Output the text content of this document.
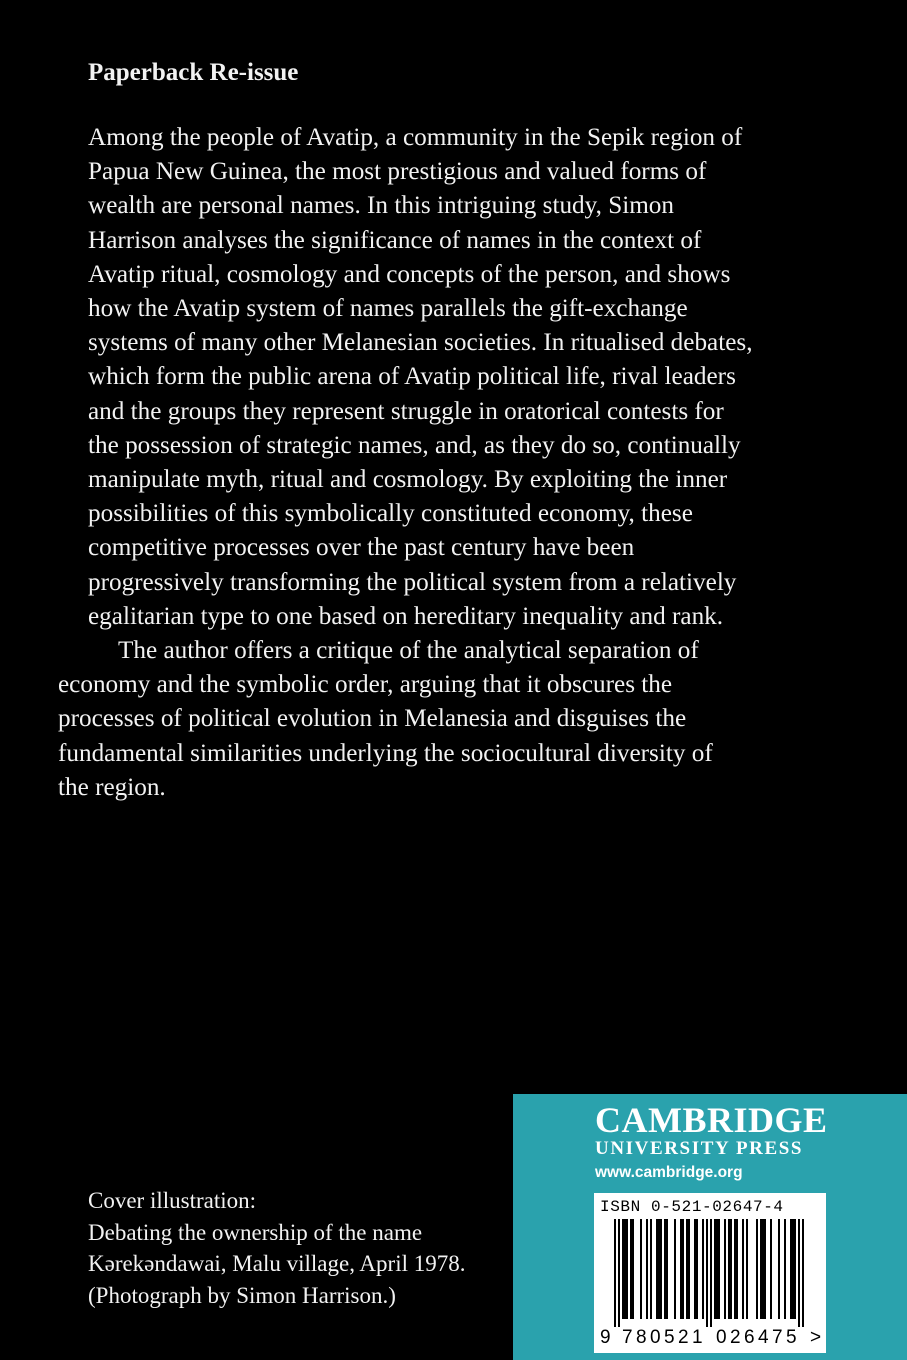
Paperback Re-issue

Among the people of Avatip, a community in the Sepik region of
Papua New Guinea, the most prestigious and valued forms of
wealth are personal names. In this intriguing study, Simon
Harrison analyses the significance of names in the context of
Avatip ritual, cosmology and concepts of the person, and shows
how the Avatip system of names parallels the gift-exchange
systems of many other Melanesian societies. In ritualised debates,
which form the public arena of Avatip political life, rival leaders
and the groups they represent struggle in oratorical contests for
the possession of strategic names, and, as they do so, continually
manipulate myth, ritual and cosmology. By exploiting the inner
possibilities of this symbolically constituted economy, these
competitive processes over the past century have been
progressively transforming the political system from a relatively
egalitarian type to one based on hereditary inequality and rank.

The author offers a critique of the analytical separation of
economy and the symbolic order, arguing that it obscures the
processes of political evolution in Melanesia and disguises the
fundamental similarities underlying the sociocultural diversity of
the region.

Cover illustration:
Debating the ownership of the name
Kərekəndawai, Malu village, April 1978.
(Photograph by Simon Harrison.)
CAMBRIDGE
UNIVERSITY PRESS
www.cambridge.org
ISBN 0-521-02647-4
9 7 8 0 5 2 1 0 2 6 4 7 5 >
